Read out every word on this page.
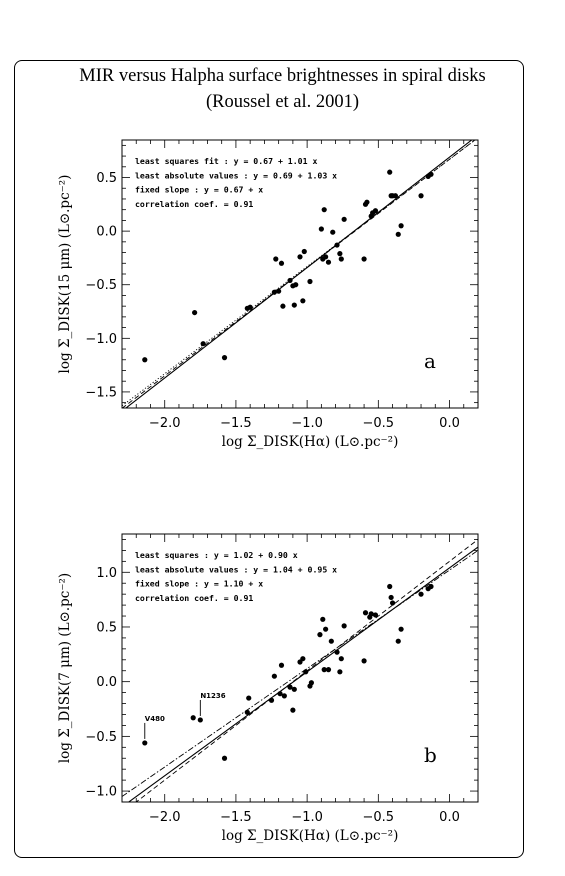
MIR versus Halpha surface brightnesses in spiral disks
(Roussel et al. 2001)
−2.0	−1.5	−1.0	−0.5	0.0
−1.5
−1.0
−0.5
0.0
0.5
log Σ_DISK(Hα) (L⊙.pc⁻²)
log Σ_DISK(15 μm) (L⊙.pc⁻²)
least squares fit : y = 0.67 + 1.01 x
least absolute values : y = 0.69 + 1.03 x
fixed slope : y = 0.67 + x
correlation coef. = 0.91
a
−2.0	−1.5	−1.0	−0.5	0.0
−1.0
−0.5
0.0
0.5
1.0
log Σ_DISK(Hα) (L⊙.pc⁻²)
log Σ_DISK(7 μm) (L⊙.pc⁻²)
least squares : y = 1.02 + 0.90 x
least absolute values : y = 1.04 + 0.95 x
fixed slope : y = 1.10 + x
correlation coef. = 0.91
V480
N1236
b
